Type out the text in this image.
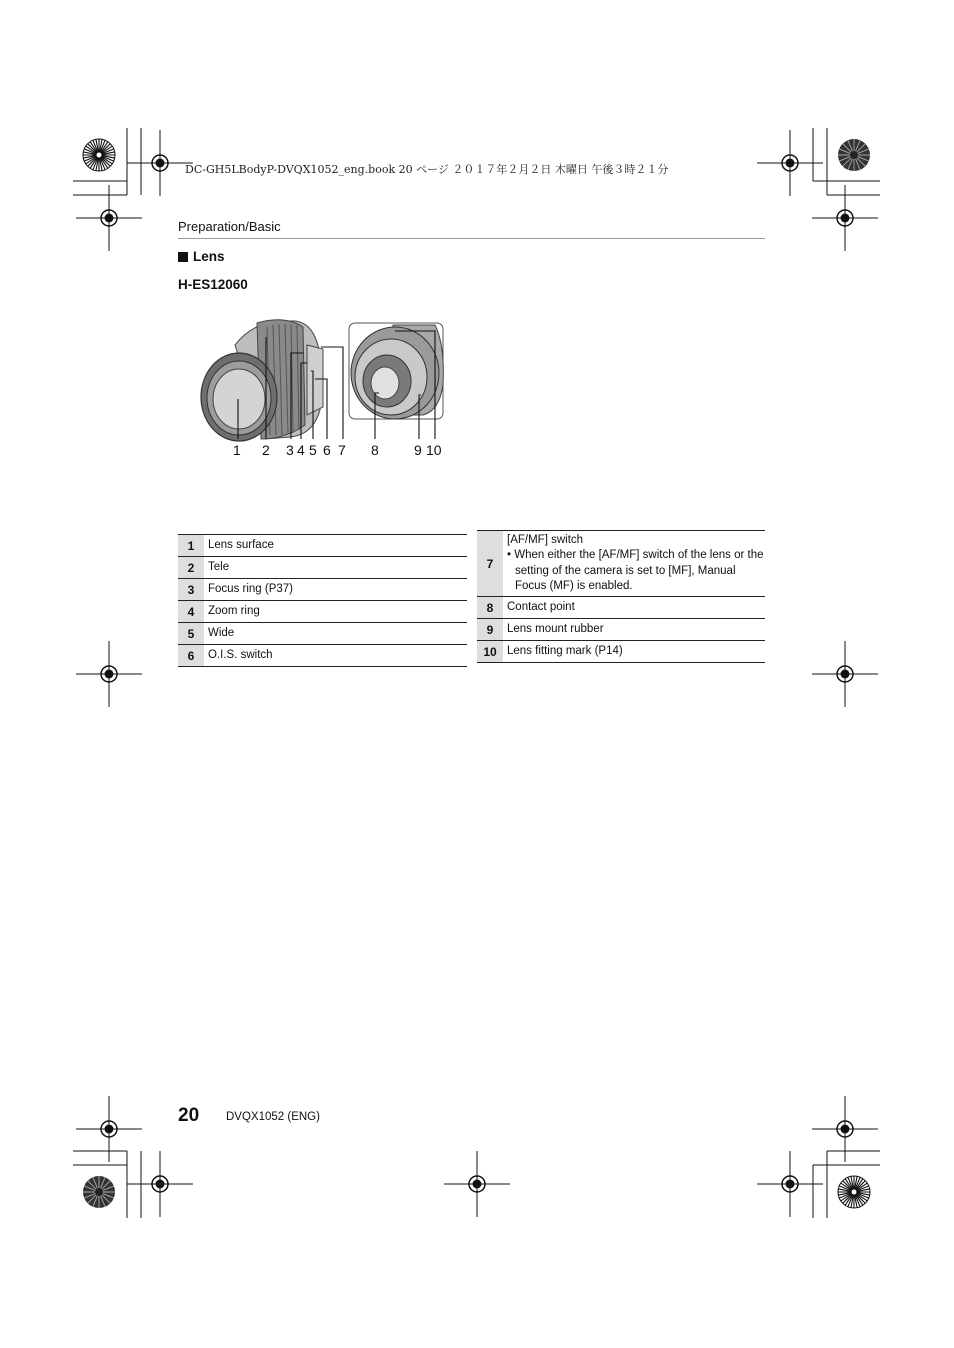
DC-GH5LBodyP-DVQX1052_eng.book 20 ページ ２０１７年２月２日 木曜日 午後３時２１分
Preparation/Basic
Lens
H-ES12060
1 2 3 4 5 6 7 8	9 10
1	Lens surface
2	Tele
3	Focus ring (P37)
4	Zoom ring
5	Wide
6	O.I.S. switch
7	[AF/MF] switch
• When either the [AF/MF] switch of the lens or the setting of the camera is set to [MF], Manual Focus (MF) is enabled.

8	Contact point
9	Lens mount rubber
10	Lens fitting mark (P14)
20 DVQX1052 (ENG)
